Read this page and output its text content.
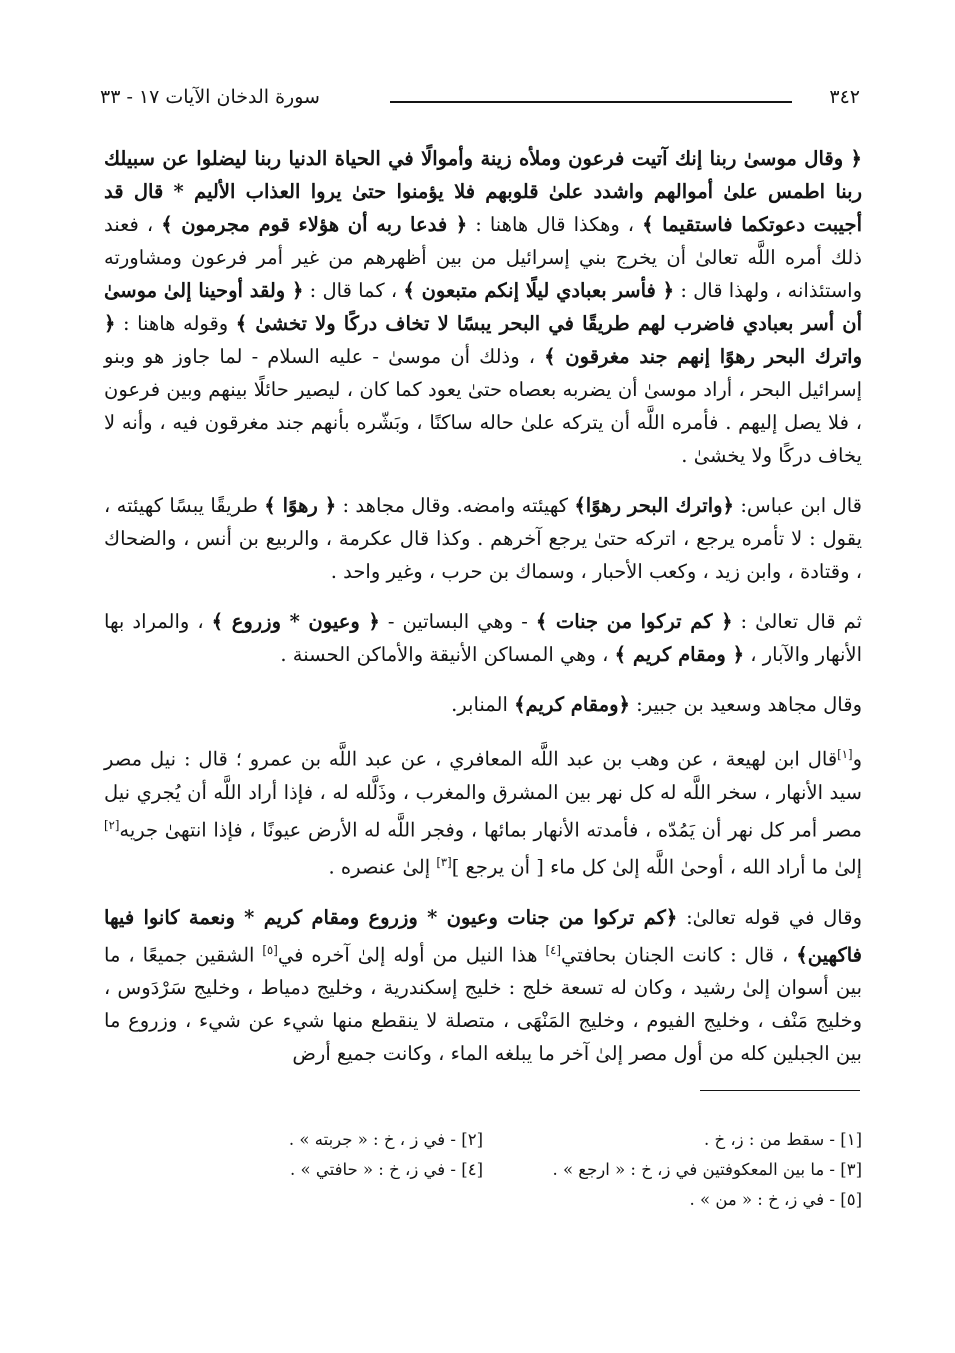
٣٤٢
سورة الدخان الآيات ١٧ - ٣٣

﴿ وقال موسىٰ ربنا إنك آتيت فرعون وملأه زينة وأموالًا في الحياة الدنيا ربنا ليضلوا عن سبيلك ربنا اطمس علىٰ أموالهم واشدد علىٰ قلوبهم فلا يؤمنوا حتىٰ يروا العذاب الأليم * قال قد أجيبت دعوتكما فاستقيما ﴾ ، وهكذا قال هاهنا : ﴿ فدعا ربه أن هؤلاء قوم مجرمون ﴾ ، فعند ذلك أمره اللَّه تعالىٰ أن يخرج بني إسرائيل من بين أظهرهم من غير أمر فرعون ومشاورته واستئذانه ، ولهذا قال : ﴿ فأسر بعبادي ليلًا إنكم متبعون ﴾ ، كما قال : ﴿ ولقد أوحينا إلىٰ موسىٰ أن أسر بعبادي فاضرب لهم طريقًا في البحر يبسًا لا تخاف دركًا ولا تخشىٰ ﴾ وقوله هاهنا : ﴿ واترك البحر رهوًا إنهم جند مغرقون ﴾ ، وذلك أن موسىٰ - عليه السلام - لما جاوز هو وبنو إسرائيل البحر ، أراد موسىٰ أن يضربه بعصاه حتىٰ يعود كما كان ، ليصير حائلًا بينهم وبين فرعون ، فلا يصل إليهم . فأمره اللَّه أن يتركه علىٰ حاله ساكنًا ، وبَشّره بأنهم جند مغرقون فيه ، وأنه لا يخاف دركًا ولا يخشىٰ .

قال ابن عباس: ﴿واترك البحر رهوًا﴾ كهيئته وامضه. وقال مجاهد : ﴿ رهوًا ﴾ طريقًا يبسًا كهيئته ، يقول : لا تأمره يرجع ، اتركه حتىٰ يرجع آخرهم . وكذا قال عكرمة ، والربيع بن أنس ، والضحاك ، وقتادة ، وابن زيد ، وكعب الأحبار ، وسماك بن حرب ، وغير واحد .

ثم قال تعالىٰ : ﴿ كم تركوا من جنات ﴾ - وهي البساتين - ﴿ وعيون * وزروع ﴾ ، والمراد بها الأنهار والآبار ، ﴿ ومقام كريم ﴾ ، وهي المساكن الأنيقة والأماكن الحسنة .

وقال مجاهد وسعيد بن جبير: ﴿ومقام كريم﴾ المنابر.

و[١]قال ابن لهيعة ، عن وهب بن عبد اللَّه المعافري ، عن عبد اللَّه بن عمرو ؛ قال : نيل مصر سيد الأنهار ، سخر اللَّه له كل نهر بين المشرق والمغرب ، وذَلَّله له ، فإذا أراد اللَّه أن يُجري نيل مصر أمر كل نهر أن يَمُدّه ، فأمدته الأنهار بمائها ، وفجر اللَّه له الأرض عيونًا ، فإذا انتهىٰ جريه[٢] إلىٰ ما أراد الله ، أوحىٰ اللَّه إلىٰ كل ماء [ أن يرجع ][٣] إلىٰ عنصره .

وقال في قوله تعالىٰ: ﴿كم تركوا من جنات وعيون * وزروع ومقام كريم * ونعمة كانوا فيها فاكهين﴾ ، قال : كانت الجنان بحافتي[٤] هذا النيل من أوله إلىٰ آخره في[٥] الشقين جميعًا ، ما بين أسوان إلىٰ رشيد ، وكان له تسعة خلج : خليج إسكندرية ، وخليج دمياط ، وخليج سَرْدَوس ، وخليج مَنْف ، وخليج الفيوم ، وخليج المَنْهَى ، متصلة لا ينقطع منها شيء عن شيء ، وزروع ما بين الجبلين كله من أول مصر إلىٰ آخر ما يبلغه الماء ، وكانت جميع أرض

[١] - سقط من : ز، خ .
[٢] - في ز ، خ : « جربته » .
[٣] - ما بين المعكوفتين في ز، خ : « ارجع » .
[٤] - في ز، خ : « حافتي » .
[٥] - في ز، خ : « من » .
